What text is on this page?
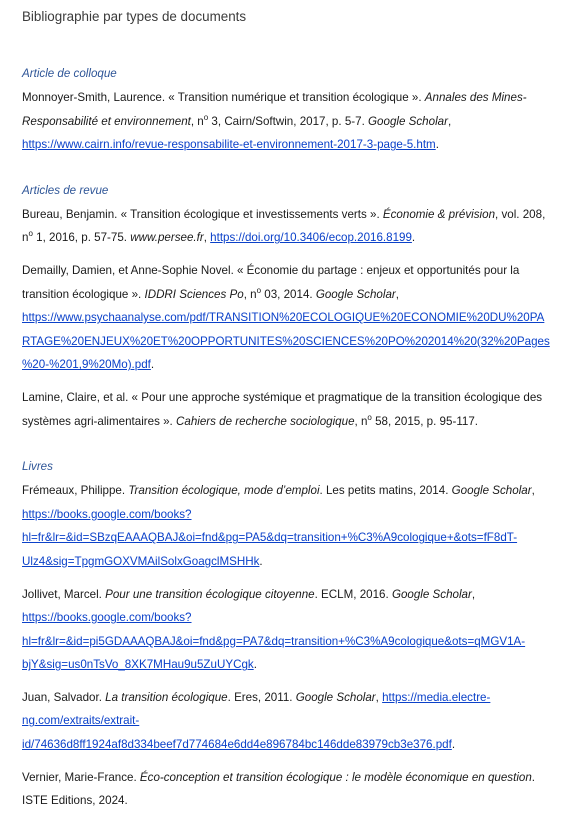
Bibliographie par types de documents
Article de colloque

Monnoyer-Smith, Laurence. « Transition numérique et transition écologique ». Annales des Mines-Responsabilité et environnement, $n^o$ 3, Cairn/Softwin, 2017, p. 5-7. Google Scholar, https://www.cairn.info/revue-responsabilite-et-environnement-2017-3-page-5.htm.

Articles de revue

Bureau, Benjamin. « Transition écologique et investissements verts ». Économie & prévision, vol. 208, $n^o$ 1, 2016, p. 57-75. www.persee.fr, https://doi.org/10.3406/ecop.2016.8199.

Demailly, Damien, et Anne-Sophie Novel. « Économie du partage : enjeux et opportunités pour la transition écologique ». IDDRI Sciences Po, $n^o$ 03, 2014. Google Scholar, https://www.psychaanalyse.com/pdf/TRANSITION%20ECOLOGIQUE%20ECONOMIE%20DU%20PARTAGE%20ENJEUX%20ET%20OPPORTUNITES%20SCIENCES%20PO%202014%20(32%20Pages%20-%201,9%20Mo).pdf.

Lamine, Claire, et al. « Pour une approche systémique et pragmatique de la transition écologique des systèmes agri-alimentaires ». Cahiers de recherche sociologique, $n^o$ 58, 2015, p. 95-117.

Livres

Frémeaux, Philippe. Transition écologique, mode d’emploi. Les petits matins, 2014. Google Scholar, https://books.google.com/books?hl=fr&lr=&id=SBzqEAAAQBAJ&oi=fnd&pg=PA5&dq=transition+%C3%A9cologique+&ots=fF8dT-Ulz4&sig=TpgmGOXVMAilSolxGoagclMSHHk.

Jollivet, Marcel. Pour une transition écologique citoyenne. ECLM, 2016. Google Scholar, https://books.google.com/books?hl=fr&lr=&id=pi5GDAAAQBAJ&oi=fnd&pg=PA7&dq=transition+%C3%A9cologique&ots=qMGV1A-bjY&sig=us0nTsVo_8XK7MHau9u5ZuUYCgk.

Juan, Salvador. La transition écologique. Eres, 2011. Google Scholar, https://media.electre-ng.com/extraits/extrait-id/74636d8ff1924af8d334beef7d774684e6dd4e896784bc146dde83979cb3e376.pdf.

Vernier, Marie-France. Éco-conception et transition écologique : le modèle économique en question. ISTE Editions, 2024.
